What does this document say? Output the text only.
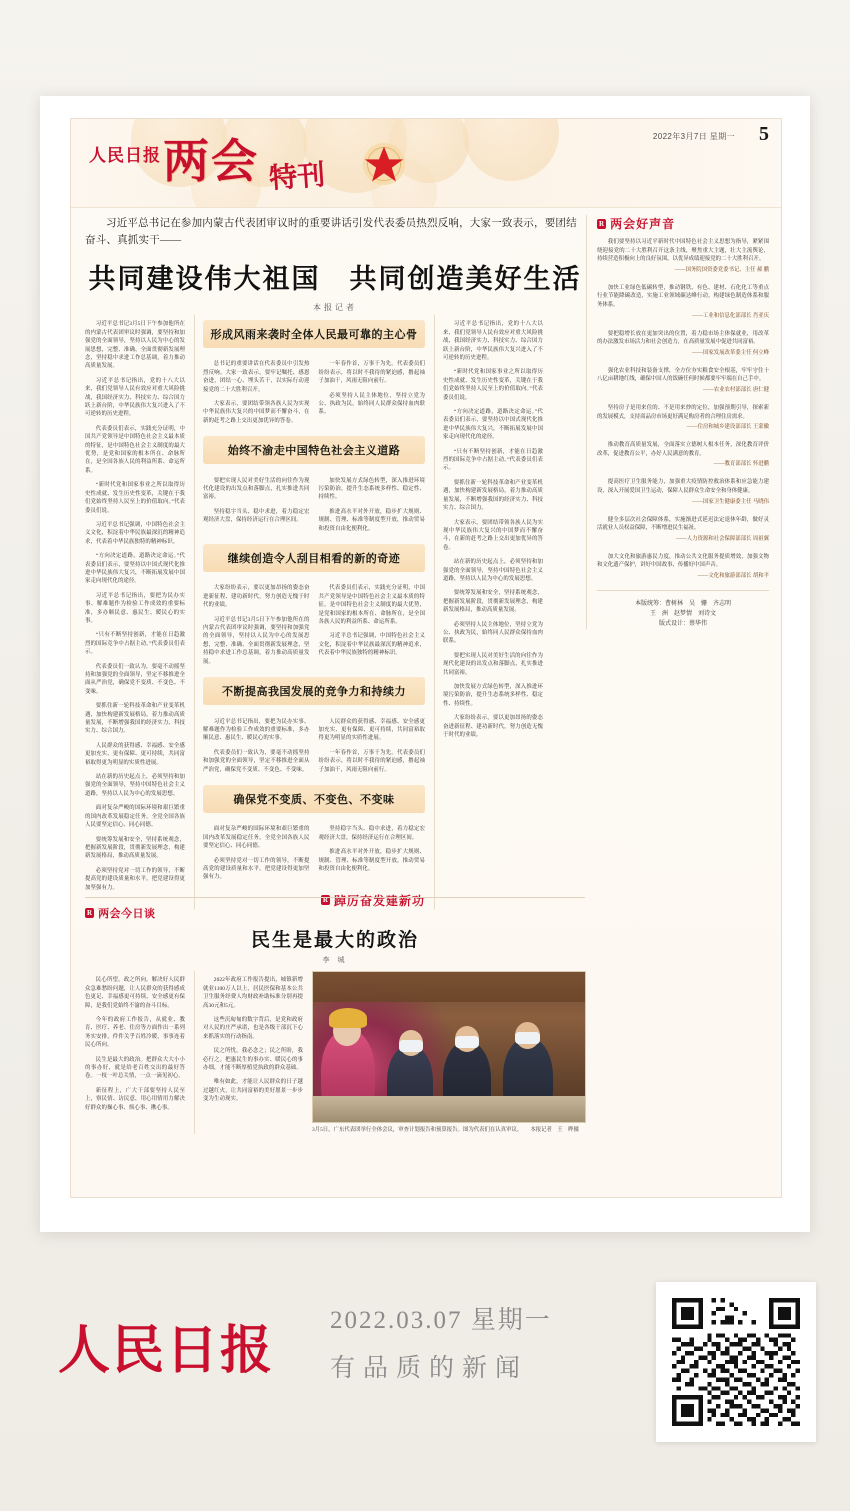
人民日报 两会 特刊
2022年3月7日 星期一 5
习近平总书记在参加内蒙古代表团审议时的重要讲话引发代表委员热烈反响，大家一致表示，要团结奋斗、真抓实干——
共同建设伟大祖国　共同创造美好生活
本报记者

习近平总书记3月5日下午参加他所在的内蒙古代表团审议时强调，要坚持和加强党的全面领导，坚持以人民为中心的发展思想，完整、准确、全面贯彻新发展理念，坚持稳中求进工作总基调，着力推动高质量发展。

习近平总书记指出，党的十八大以来，我们党领导人民有效应对重大风险挑战，我国经济实力、科技实力、综合国力跃上新台阶，中华民族伟大复兴进入了不可逆转的历史进程。

代表委员们表示，实践充分证明，中国共产党领导是中国特色社会主义最本质的特征，是中国特色社会主义制度的最大优势，是党和国家的根本所在、命脉所在，是全国各族人民的利益所系、命运所系。

“新时代党和国家事业之所以取得历史性成就、发生历史性变革，关键在于我们党始终坚持人民至上的价值取向。”代表委员们说。

习近平总书记强调，中国特色社会主义文化，积淀着中华民族最深沉的精神追求，代表着中华民族独特的精神标识。

“方向决定道路，道路决定命运。”代表委员们表示，要坚持以中国式现代化推进中华民族伟大复兴，不断拓展发展中国家走向现代化的途径。

习近平总书记指出，要把为民办实事、解难题作为检验工作成效的重要标准，多办顺民意、惠民生、暖民心的实事。

“只有不断坚持创新，才能在日趋激烈的国际竞争中占据主动。”代表委员们表示。

代表委员们一致认为，要毫不动摇坚持和加强党的全面领导，坚定不移推进全面从严治党，确保党不变质、不变色、不变味。

要抓住新一轮科技革命和产业变革机遇，加快构建新发展格局，着力推动高质量发展，不断增强我国的经济实力、科技实力、综合国力。

人民群众的获得感、幸福感、安全感更加充实、更有保障、更可持续，共同富裕取得更为明显的实质性进展。

站在新的历史起点上，必须坚持和加强党的全面领导，坚持中国特色社会主义道路，坚持以人民为中心的发展思想。

面对复杂严峻的国际环境和艰巨繁重的国内改革发展稳定任务，全党全国各族人民要坚定信心、同心同德。

要统筹发展和安全，坚持系统观念，把握新发展阶段，贯彻新发展理念，构建新发展格局，推动高质量发展。

必须坚持党对一切工作的领导，不断提高党的建设质量和水平，把党建设得更加坚强有力。

形成风雨来袭时全体人民最可靠的主心骨

总书记的重要讲话在代表委员中引发热烈反响。大家一致表示，要牢记嘱托、感恩奋进，团结一心、埋头苦干，以实际行动迎接党的二十大胜利召开。

大家表示，要团结带领各族人民为实现中华民族伟大复兴的中国梦而不懈奋斗，在新的赶考之路上交出更加优异的答卷。

一年春作首，万事干为先。代表委员们纷纷表示，将以时不我待的紧迫感，撸起袖子加油干，风雨无阻向前行。

必须坚持人民主体地位，坚持立党为公、执政为民，始终同人民群众保持血肉联系。

始终不渝走中国特色社会主义道路

要把实现人民对美好生活的向往作为现代化建设的出发点和落脚点，扎实推进共同富裕。

坚持稳字当头、稳中求进，着力稳定宏观经济大盘，保持经济运行在合理区间。

加快发展方式绿色转型，深入推进环境污染防治，提升生态系统多样性、稳定性、持续性。

推进高水平对外开放，稳步扩大规则、规制、管理、标准等制度型开放，推动贸易和投资自由化便利化。

继续创造令人刮目相看的新的奇迹

大家纷纷表示，要以更加昂扬的姿态奋进新征程、建功新时代，努力创造无愧于时代的业绩。

习近平总书记3月5日下午参加他所在的内蒙古代表团审议时强调，要坚持和加强党的全面领导，坚持以人民为中心的发展思想，完整、准确、全面贯彻新发展理念，坚持稳中求进工作总基调，着力推动高质量发展。

代表委员们表示，实践充分证明，中国共产党领导是中国特色社会主义最本质的特征，是中国特色社会主义制度的最大优势，是党和国家的根本所在、命脉所在，是全国各族人民的利益所系、命运所系。

习近平总书记强调，中国特色社会主义文化，积淀着中华民族最深沉的精神追求，代表着中华民族独特的精神标识。

不断提高我国发展的竞争力和持续力

习近平总书记指出，要把为民办实事、解难题作为检验工作成效的重要标准，多办顺民意、惠民生、暖民心的实事。

代表委员们一致认为，要毫不动摇坚持和加强党的全面领导，坚定不移推进全面从严治党，确保党不变质、不变色、不变味。

人民群众的获得感、幸福感、安全感更加充实、更有保障、更可持续，共同富裕取得更为明显的实质性进展。

一年春作首，万事干为先。代表委员们纷纷表示，将以时不我待的紧迫感，撸起袖子加油干，风雨无阻向前行。

确保党不变质、不变色、不变味

面对复杂严峻的国际环境和艰巨繁重的国内改革发展稳定任务，全党全国各族人民要坚定信心、同心同德。

必须坚持党对一切工作的领导，不断提高党的建设质量和水平，把党建设得更加坚强有力。

坚持稳字当头、稳中求进，着力稳定宏观经济大盘，保持经济运行在合理区间。

推进高水平对外开放，稳步扩大规则、规制、管理、标准等制度型开放，推动贸易和投资自由化便利化。

R 踔厉奋发建新功

习近平总书记指出，党的十八大以来，我们党领导人民有效应对重大风险挑战，我国经济实力、科技实力、综合国力跃上新台阶，中华民族伟大复兴进入了不可逆转的历史进程。

“新时代党和国家事业之所以取得历史性成就、发生历史性变革，关键在于我们党始终坚持人民至上的价值取向。”代表委员们说。

“方向决定道路，道路决定命运。”代表委员们表示，要坚持以中国式现代化推进中华民族伟大复兴，不断拓展发展中国家走向现代化的途径。

“只有不断坚持创新，才能在日趋激烈的国际竞争中占据主动。”代表委员们表示。

要抓住新一轮科技革命和产业变革机遇，加快构建新发展格局，着力推动高质量发展，不断增强我国的经济实力、科技实力、综合国力。

大家表示，要团结带领各族人民为实现中华民族伟大复兴的中国梦而不懈奋斗，在新的赶考之路上交出更加优异的答卷。

站在新的历史起点上，必须坚持和加强党的全面领导，坚持中国特色社会主义道路，坚持以人民为中心的发展思想。

要统筹发展和安全，坚持系统观念，把握新发展阶段，贯彻新发展理念，构建新发展格局，推动高质量发展。

必须坚持人民主体地位，坚持立党为公、执政为民，始终同人民群众保持血肉联系。

要把实现人民对美好生活的向往作为现代化建设的出发点和落脚点，扎实推进共同富裕。

加快发展方式绿色转型，深入推进环境污染防治，提升生态系统多样性、稳定性、持续性。

大家纷纷表示，要以更加昂扬的姿态奋进新征程、建功新时代，努力创造无愧于时代的业绩。

R 两会好声音
我们要坚持以习近平新时代中国特色社会主义思想为指导，紧紧围绕迎接党的二十大胜利召开这条主线，聚焦重大主题，壮大主流舆论，持续营造积极向上的良好氛围，以优异成绩迎接党的二十大胜利召开。
——国务院国资委党委书记、主任 郝 鹏
加快工业绿色低碳转型，推动钢铁、有色、建材、石化化工等重点行业节能降碳改造，实施工业领域碳达峰行动，构建绿色制造体系和服务体系。
——工业和信息化部部长 肖亚庆
要把稳增长放在更加突出的位置，着力稳市场主体保就业，用改革的办法激发市场活力和社会创造力，在高质量发展中促进共同富裕。
——国家发展改革委主任 何立峰
强化农业科技和装备支撑，全方位夯实粮食安全根基，牢牢守住十八亿亩耕地红线，确保中国人的饭碗任何时候都要牢牢端在自己手中。
——农业农村部部长 唐仁健
坚持房子是用来住的、不是用来炒的定位，加强预期引导，探索新的发展模式，支持商品房市场更好满足购房者的合理住房需求。
——住房和城乡建设部部长 王蒙徽
推动教育高质量发展，全面落实立德树人根本任务，深化教育评价改革，促进教育公平，办好人民满意的教育。
——教育部部长 怀进鹏
提高医疗卫生服务能力，加强重大疫情防控救治体系和应急能力建设，深入开展爱国卫生运动，保障人民群众生命安全和身体健康。
——国家卫生健康委主任 马晓伟
健全多层次社会保障体系，实施渐进式延迟法定退休年龄，做好灵活就业人员权益保障，不断增进民生福祉。
——人力资源和社会保障部部长 周祖翼
加大文化和旅游惠民力度，推动公共文化服务提质增效，加强文物和文化遗产保护，讲好中国故事、传播好中国声音。
——文化和旅游部部长 胡和平
本版统筹：曹树林　吴　姗　齐志明
王　洲　赵梦情　刘诗文
版式设计：蔡华伟
R 两会今日谈
民生是最大的政治
李 城

民心所望，政之所向。解决好人民群众急难愁盼问题，让人民群众的获得感成色更足、幸福感更可持续、安全感更有保障，是我们党始终不渝的奋斗目标。

今年的政府工作报告，从就业、教育、医疗、养老、住房等方面作出一系列务实安排，件件关乎百姓冷暖，事事连着民心所向。

民生是最大的政治。把群众大大小小的事办好，就是给老百姓交出的最好答卷。一枝一叶总关情，一点一滴见初心。

新征程上，广大干部要坚持人民至上，察民情、访民意，用心用情用力解决好群众的操心事、烦心事、揪心事。

2022年政府工作报告提出，城镇新增就业1100万人以上，居民医保和基本公共卫生服务经费人均财政补助标准分别再提高30元和5元。

这些沉甸甸的数字背后，是党和政府对人民的庄严承诺，也是各级干部沉下心来抓落实的行动指南。

民之所忧，我必念之；民之所盼，我必行之。把惠民生的事办实、暖民心的事办细，才能不断厚植党执政的群众基础。

唯有如此，才能让人民群众的日子越过越红火，让共同富裕的美好愿景一步步变为生动现实。

3月5日，广东代表团举行全体会议，审查计划报告和预算报告。图为代表们在认真审议。　　本报记者　王　晔摄
人民日报
2022.03.07 星期一
有品质的新闻
